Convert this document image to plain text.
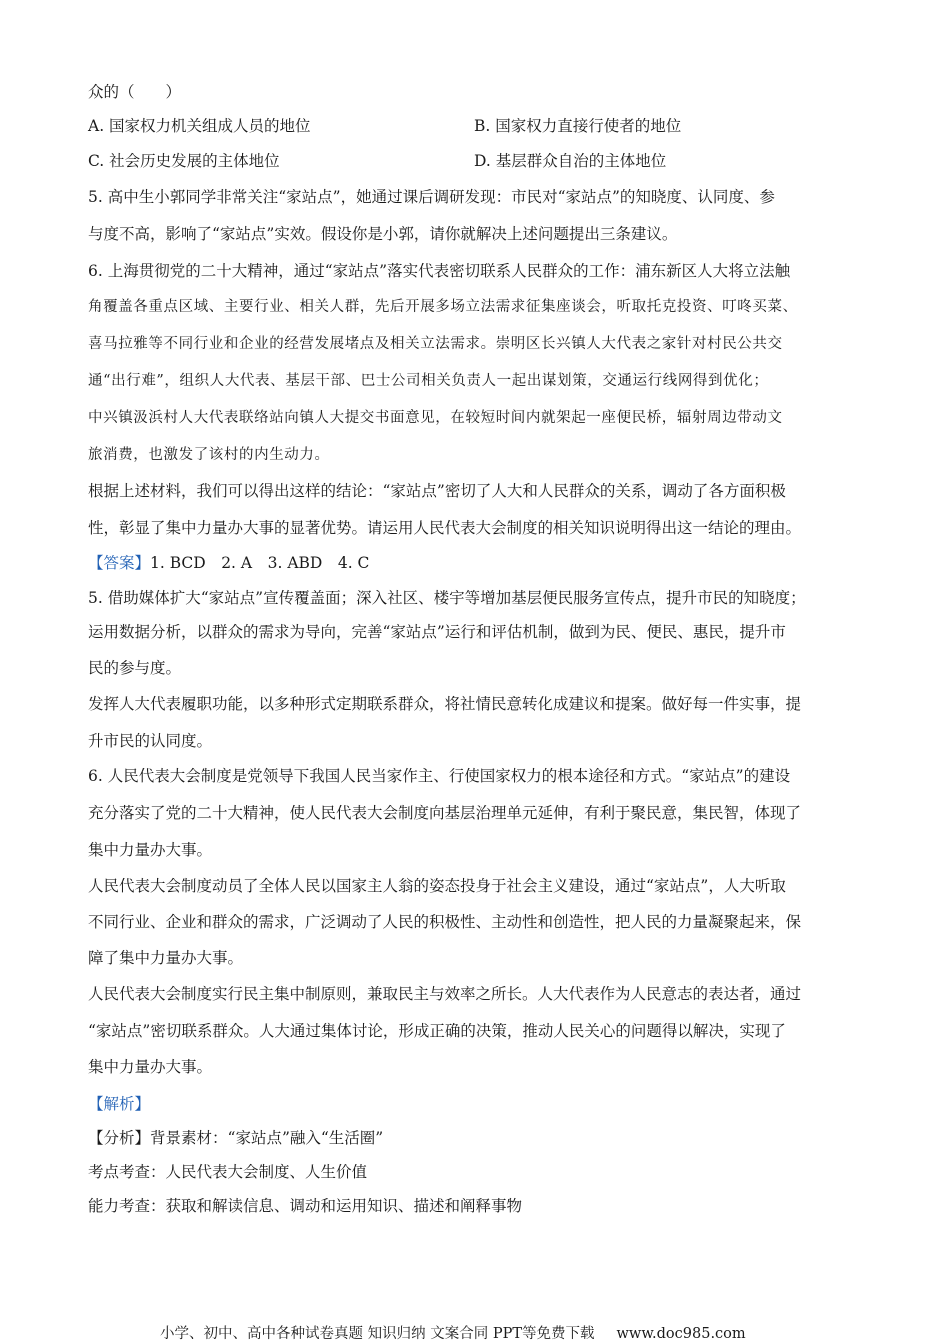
众的（　　）
A. 国家权力机关组成人员的地位	B. 国家权力直接行使者的地位
C. 社会历史发展的主体地位	D. 基层群众自治的主体地位
5. 高中生小郭同学非常关注“家站点”，她通过课后调研发现：市民对“家站点”的知晓度、认同度、参
与度不高，影响了“家站点”实效。假设你是小郭，请你就解决上述问题提出三条建议。
6. 上海贯彻党的二十大精神，通过“家站点”落实代表密切联系人民群众的工作：浦东新区人大将立法触
角覆盖各重点区域、主要行业、相关人群，先后开展多场立法需求征集座谈会，听取托克投资、叮咚买菜、
喜马拉雅等不同行业和企业的经营发展堵点及相关立法需求。崇明区长兴镇人大代表之家针对村民公共交
通“出行难”，组织人大代表、基层干部、巴士公司相关负责人一起出谋划策，交通运行线网得到优化；
中兴镇汲浜村人大代表联络站向镇人大提交书面意见，在较短时间内就架起一座便民桥，辐射周边带动文
旅消费，也激发了该村的内生动力。
根据上述材料，我们可以得出这样的结论：“家站点”密切了人大和人民群众的关系，调动了各方面积极
性，彰显了集中力量办大事的显著优势。请运用人民代表大会制度的相关知识说明得出这一结论的理由。
【答案】1. BCD　2. A　3. ABD　4. C
5. 借助媒体扩大“家站点”宣传覆盖面；深入社区、楼宇等增加基层便民服务宣传点，提升市民的知晓度；
运用数据分析，以群众的需求为导向，完善“家站点”运行和评估机制，做到为民、便民、惠民，提升市
民的参与度。
发挥人大代表履职功能，以多种形式定期联系群众，将社情民意转化成建议和提案。做好每一件实事，提
升市民的认同度。
6. 人民代表大会制度是党领导下我国人民当家作主、行使国家权力的根本途径和方式。“家站点”的建设
充分落实了党的二十大精神，使人民代表大会制度向基层治理单元延伸，有利于聚民意，集民智，体现了
集中力量办大事。
人民代表大会制度动员了全体人民以国家主人翁的姿态投身于社会主义建设，通过“家站点”，人大听取
不同行业、企业和群众的需求，广泛调动了人民的积极性、主动性和创造性，把人民的力量凝聚起来，保
障了集中力量办大事。
人民代表大会制度实行民主集中制原则，兼取民主与效率之所长。人大代表作为人民意志的表达者，通过
“家站点”密切联系群众。人大通过集体讨论，形成正确的决策，推动人民关心的问题得以解决，实现了
集中力量办大事。
【解析】
【分析】背景素材：“家站点”融入“生活圈”
考点考查：人民代表大会制度、人生价值
能力考查：获取和解读信息、调动和运用知识、描述和阐释事物
小学、初中、高中各种试卷真题 知识归纳 文案合同 PPT等免费下载 www.doc985.com
